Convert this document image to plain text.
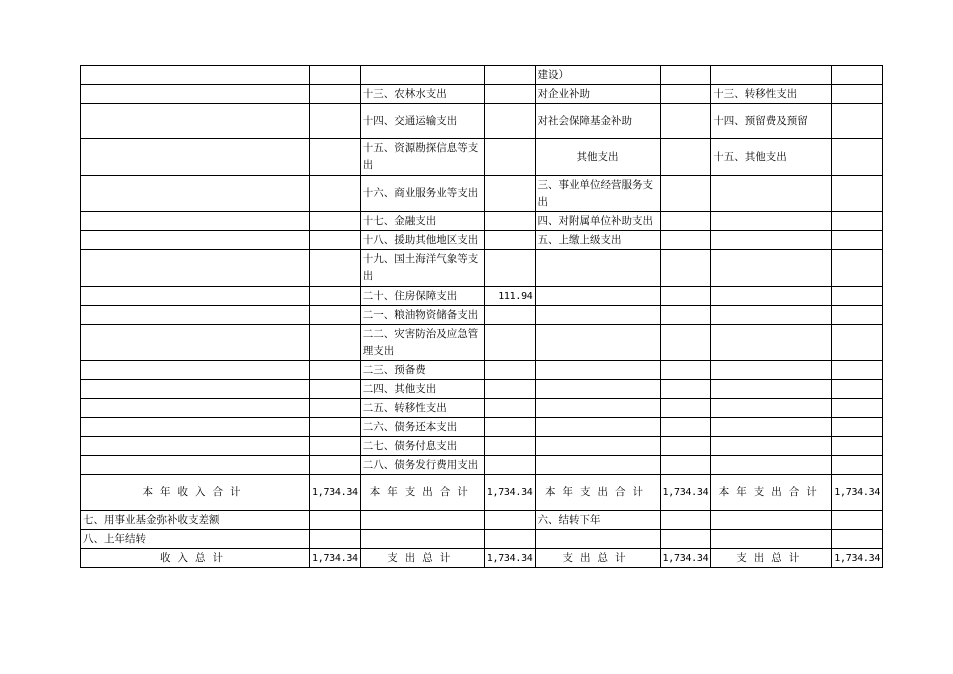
				建设）			
		十三、农林水支出		对企业补助		十三、转移性支出	
		十四、交通运输支出		对社会保障基金补助		十四、预留费及预留	
		十五、资源勘探信息等支出		其他支出		十五、其他支出	
		十六、商业服务业等支出		三、事业单位经营服务支出			
		十七、金融支出		四、对附属单位补助支出			
		十八、援助其他地区支出		五、上缴上级支出			
		十九、国土海洋气象等支出					
		二十、住房保障支出	111.94				
		二一、粮油物资储备支出					
		二二、灾害防治及应急管理支出					
		二三、预备费					
		二四、其他支出					
		二五、转移性支出					
		二六、债务还本支出					
		二七、债务付息支出					
		二八、债务发行费用支出					
本年收入合计	1,734.34	本年支出合计	1,734.34	本年支出合计	1,734.34	本年支出合计	1,734.34
七、用事业基金弥补收支差额				六、结转下年			
八、上年结转							
收入总计	1,734.34	支出总计	1,734.34	支出总计	1,734.34	支出总计	1,734.34
